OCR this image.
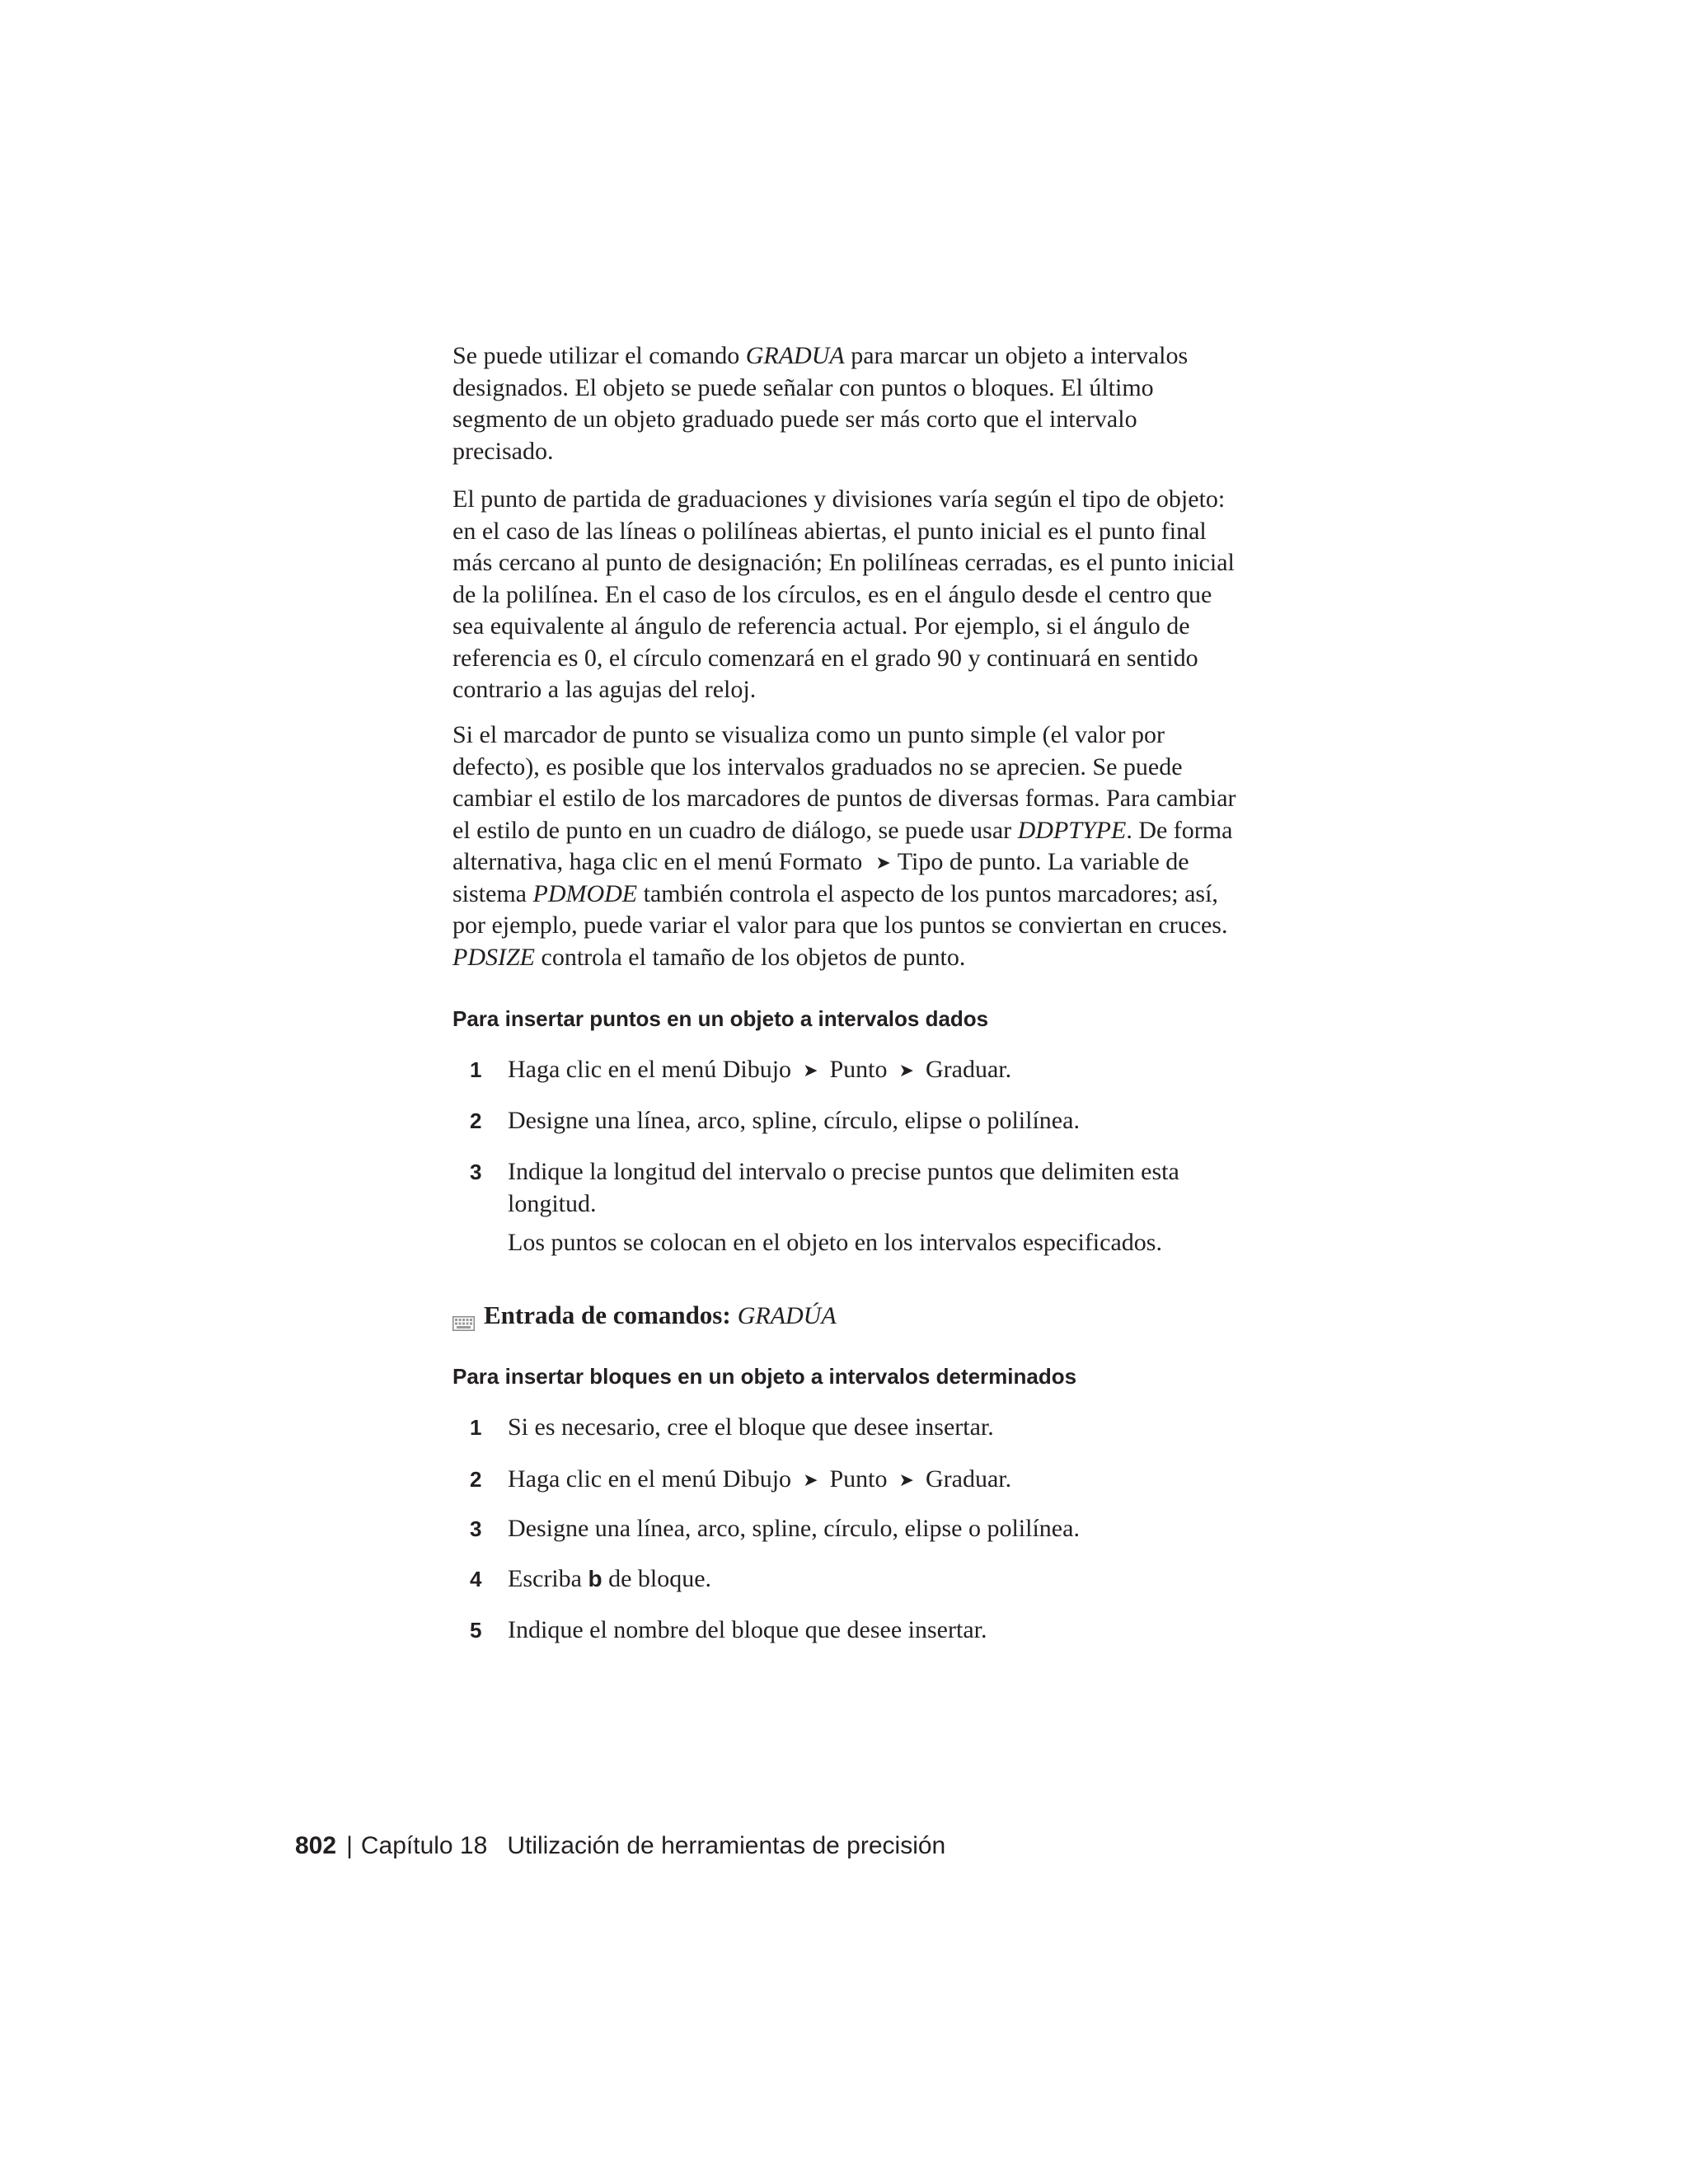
Se puede utilizar el comando GRADUA para marcar un objeto a intervalos
designados. El objeto se puede señalar con puntos o bloques. El último
segmento de un objeto graduado puede ser más corto que el intervalo
precisado.
El punto de partida de graduaciones y divisiones varía según el tipo de objeto:
en el caso de las líneas o polilíneas abiertas, el punto inicial es el punto final
más cercano al punto de designación; En polilíneas cerradas, es el punto inicial
de la polilínea. En el caso de los círculos, es en el ángulo desde el centro que
sea equivalente al ángulo de referencia actual. Por ejemplo, si el ángulo de
referencia es 0, el círculo comenzará en el grado 90 y continuará en sentido
contrario a las agujas del reloj.
Si el marcador de punto se visualiza como un punto simple (el valor por
defecto), es posible que los intervalos graduados no se aprecien. Se puede
cambiar el estilo de los marcadores de puntos de diversas formas. Para cambiar
el estilo de punto en un cuadro de diálogo, se puede usar DDPTYPE. De forma
alternativa, haga clic en el menú Formato ➤ Tipo de punto. La variable de
sistema PDMODE también controla el aspecto de los puntos marcadores; así,
por ejemplo, puede variar el valor para que los puntos se conviertan en cruces.
PDSIZE controla el tamaño de los objetos de punto.
Para insertar puntos en un objeto a intervalos dados
1 Haga clic en el menú Dibujo ➤ Punto ➤ Graduar.
2 Designe una línea, arco, spline, círculo, elipse o polilínea.
3 Indique la longitud del intervalo o precise puntos que delimiten esta
longitud.
Los puntos se colocan en el objeto en los intervalos especificados.
Entrada de comandos: GRADÚA
Para insertar bloques en un objeto a intervalos determinados
1 Si es necesario, cree el bloque que desee insertar.
2 Haga clic en el menú Dibujo ➤ Punto ➤ Graduar.
3 Designe una línea, arco, spline, círculo, elipse o polilínea.
4 Escriba b de bloque.
5 Indique el nombre del bloque que desee insertar.
802 | Capítulo 18 Utilización de herramientas de precisión
